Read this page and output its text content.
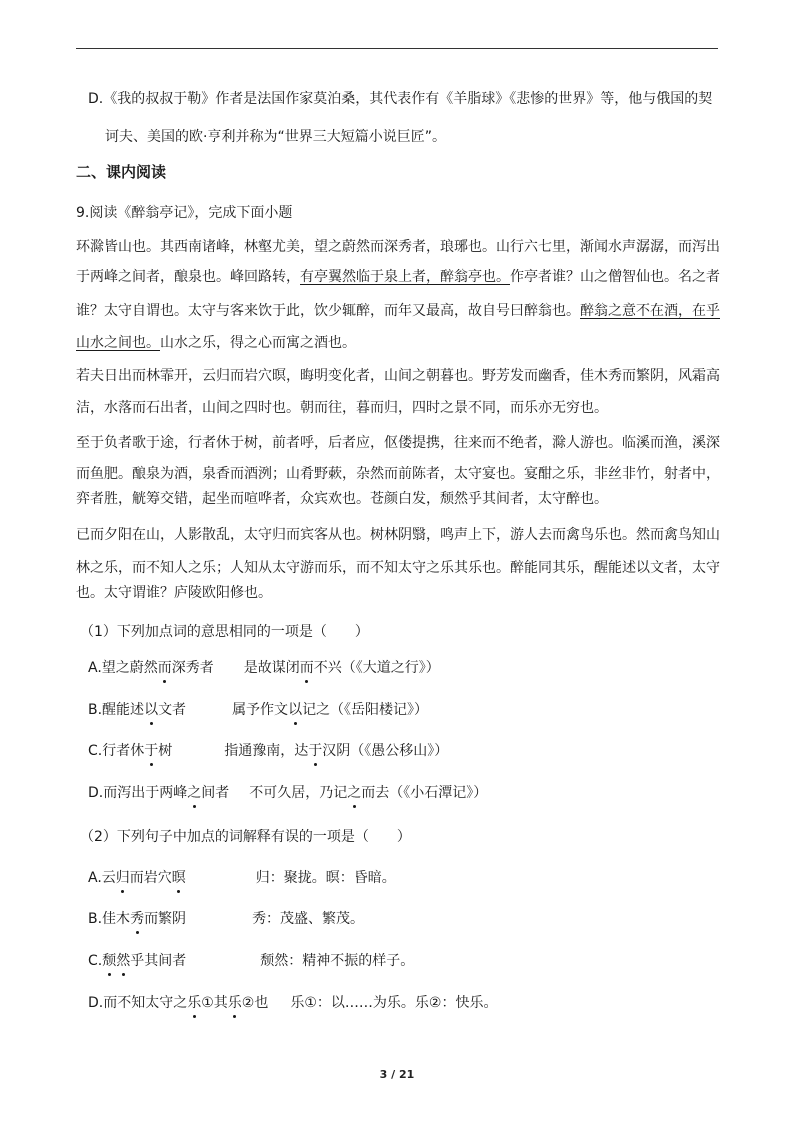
D.《我的叔叔于勒》作者是法国作家莫泊桑，其代表作有《羊脂球》《悲惨的世界》等，他与俄国的契
诃夫、美国的欧·亨利并称为“世界三大短篇小说巨匠”。
二、课内阅读
9.阅读《醉翁亭记》，完成下面小题
环滁皆山也。其西南诸峰，林壑尤美，望之蔚然而深秀者，琅琊也。山行六七里，渐闻水声潺潺，而泻出
于两峰之间者，酿泉也。峰回路转，有亭翼然临于泉上者，醉翁亭也。作亭者谁？山之僧智仙也。名之者
谁？太守自谓也。太守与客来饮于此，饮少辄醉，而年又最高，故自号曰醉翁也。醉翁之意不在酒，在乎
山水之间也。山水之乐，得之心而寓之酒也。
若夫日出而林霏开，云归而岩穴暝，晦明变化者，山间之朝暮也。野芳发而幽香，佳木秀而繁阴，风霜高
洁，水落而石出者，山间之四时也。朝而往，暮而归，四时之景不同，而乐亦无穷也。
至于负者歌于途，行者休于树，前者呼，后者应，伛偻提携，往来而不绝者，滁人游也。临溪而渔，溪深
而鱼肥。酿泉为酒，泉香而酒洌；山肴野蔌，杂然而前陈者，太守宴也。宴酣之乐，非丝非竹，射者中，
弈者胜，觥筹交错，起坐而喧哗者，众宾欢也。苍颜白发，颓然乎其间者，太守醉也。
已而夕阳在山，人影散乱，太守归而宾客从也。树林阴翳，鸣声上下，游人去而禽鸟乐也。然而禽鸟知山
林之乐，而不知人之乐；人知从太守游而乐，而不知太守之乐其乐也。醉能同其乐，醒能述以文者，太守
也。太守谓谁？庐陵欧阳修也。
（1）下列加点词的意思相同的一项是（　　）
A.望之蔚然而深秀者 是故谋闭而不兴（《大道之行》）
B.醒能述以文者	属予作文以记之（《岳阳楼记》）
C.行者休于树	指通豫南，达于汉阴（《愚公移山》）
D.而泻出于两峰之间者 不可久居，乃记之而去（《小石潭记》）
（2）下列句子中加点的词解释有误的一项是（　　）
A.云归而岩穴暝	归：聚拢。暝：昏暗。
B.佳木秀而繁阴	秀：茂盛、繁茂。
C.颓然乎其间者	颓然：精神不振的样子。
D.而不知太守之乐①其乐②也 乐①：以……为乐。乐②：快乐。
3 / 21
